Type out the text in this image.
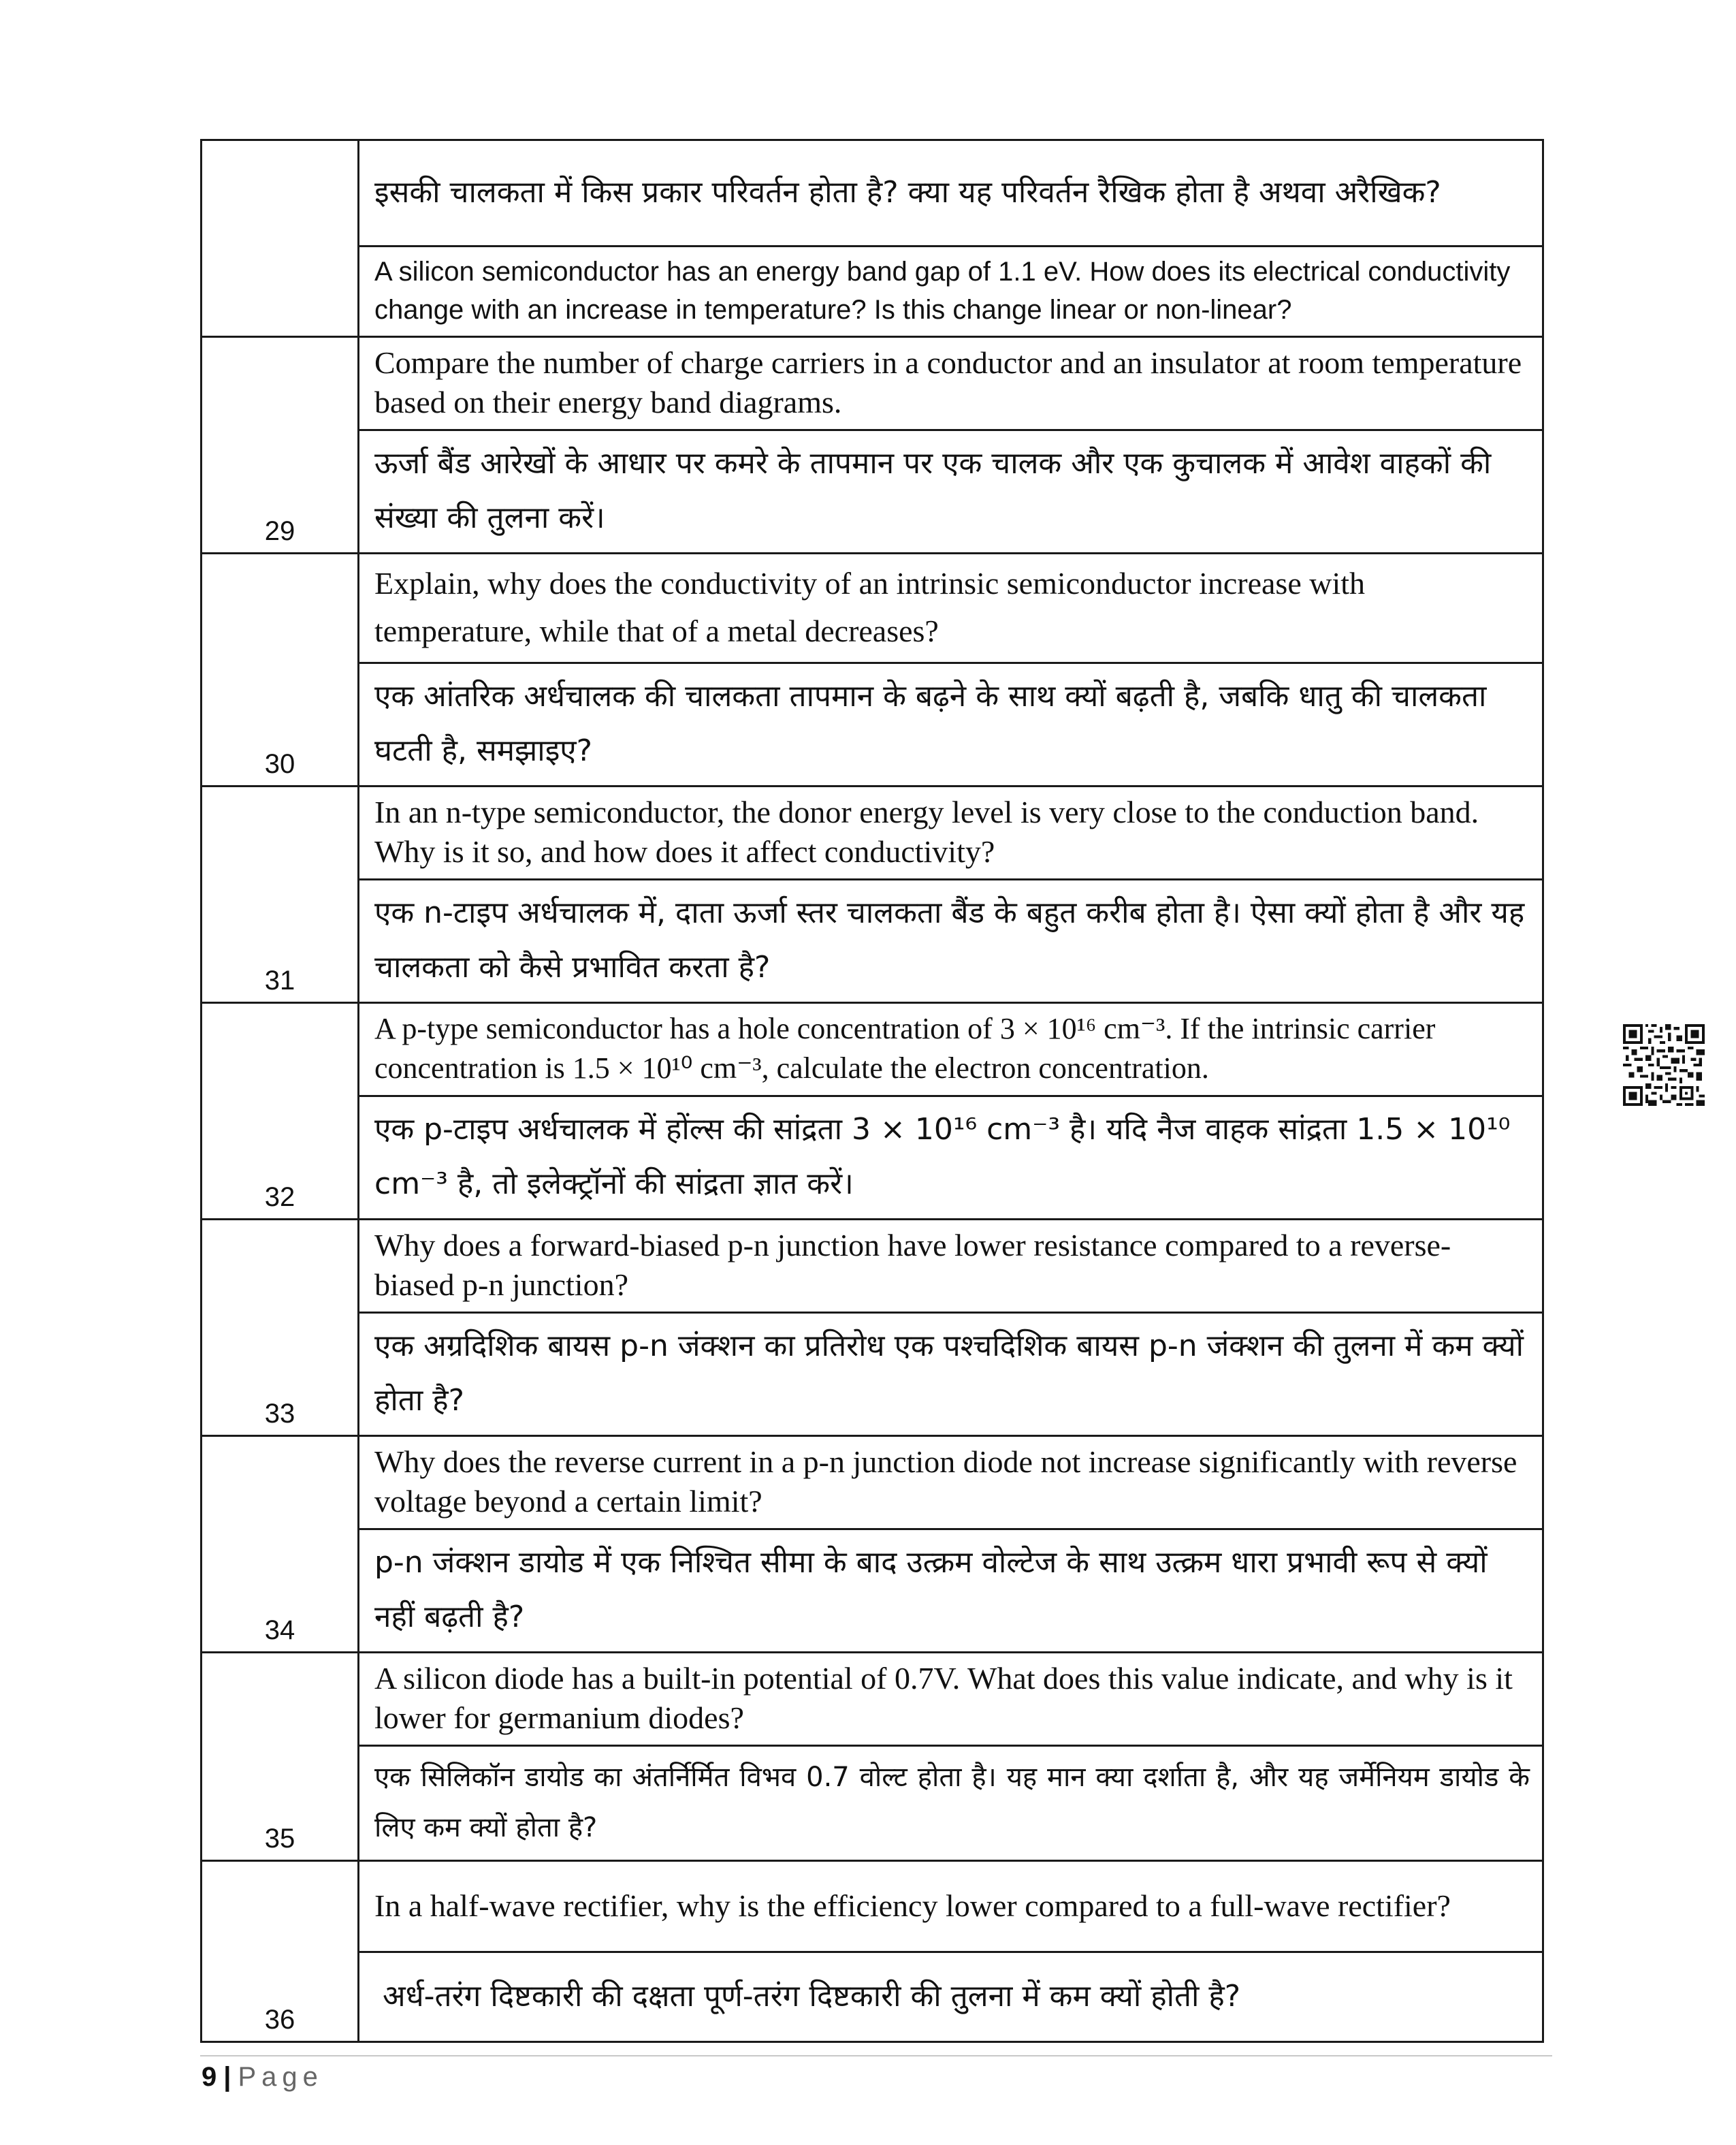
	इसकी चालकता में किस प्रकार परिवर्तन होता है? क्या यह परिवर्तन रैखिक होता है अथवा अरैखिक?
	A silicon semiconductor has an energy band gap of 1.1 eV. How does its electrical conductivity change with an increase in temperature? Is this change linear or non-linear?
29	Compare the number of charge carriers in a conductor and an insulator at room temperature based on their energy band diagrams.
	ऊर्जा बैंड आरेखों के आधार पर कमरे के तापमान पर एक चालक और एक कुचालक में आवेश वाहकों की संख्या की तुलना करें।
30	Explain, why does the conductivity of an intrinsic semiconductor increase with temperature, while that of a metal decreases?
	एक आंतरिक अर्धचालक की चालकता तापमान के बढ़ने के साथ क्यों बढ़ती है, जबकि धातु की चालकता घटती है, समझाइए?
31	In an n-type semiconductor, the donor energy level is very close to the conduction band. Why is it so, and how does it affect conductivity?
	एक n-टाइप अर्धचालक में, दाता ऊर्जा स्तर चालकता बैंड के बहुत करीब होता है। ऐसा क्यों होता है और यह चालकता को कैसे प्रभावित करता है?
32	A p-type semiconductor has a hole concentration of 3 × 10¹⁶ cm⁻³. If the intrinsic carrier concentration is 1.5 × 10¹⁰ cm⁻³, calculate the electron concentration.
	एक p-टाइप अर्धचालक में होंल्स की सांद्रता 3 × 10¹⁶ cm⁻³ है। यदि नैज वाहक सांद्रता 1.5 × 10¹⁰ cm⁻³ है, तो इलेक्ट्रॉनों की सांद्रता ज्ञात करें।
33	Why does a forward-biased p-n junction have lower resistance compared to a reverse-biased p-n junction?
	एक अग्रदिशिक बायस p-n जंक्शन का प्रतिरोध एक पश्चदिशिक बायस p-n जंक्शन की तुलना में कम क्यों होता है?
34	Why does the reverse current in a p-n junction diode not increase significantly with reverse voltage beyond a certain limit?
	p-n जंक्शन डायोड में एक निश्चित सीमा के बाद उत्क्रम वोल्टेज के साथ उत्क्रम धारा प्रभावी रूप से क्यों नहीं बढ़ती है?
35	A silicon diode has a built-in potential of 0.7V. What does this value indicate, and why is it lower for germanium diodes?
	एक सिलिकॉन डायोड का अंतर्निर्मित विभव 0.7 वोल्ट होता है। यह मान क्या दर्शाता है, और यह जर्मेनियम डायोड के लिए कम क्यों होता है?
36	In a half-wave rectifier, why is the efficiency lower compared to a full-wave rectifier?
	अर्ध-तरंग दिष्टकारी की दक्षता पूर्ण-तरंग दिष्टकारी की तुलना में कम क्यों होती है?
9 | Page
